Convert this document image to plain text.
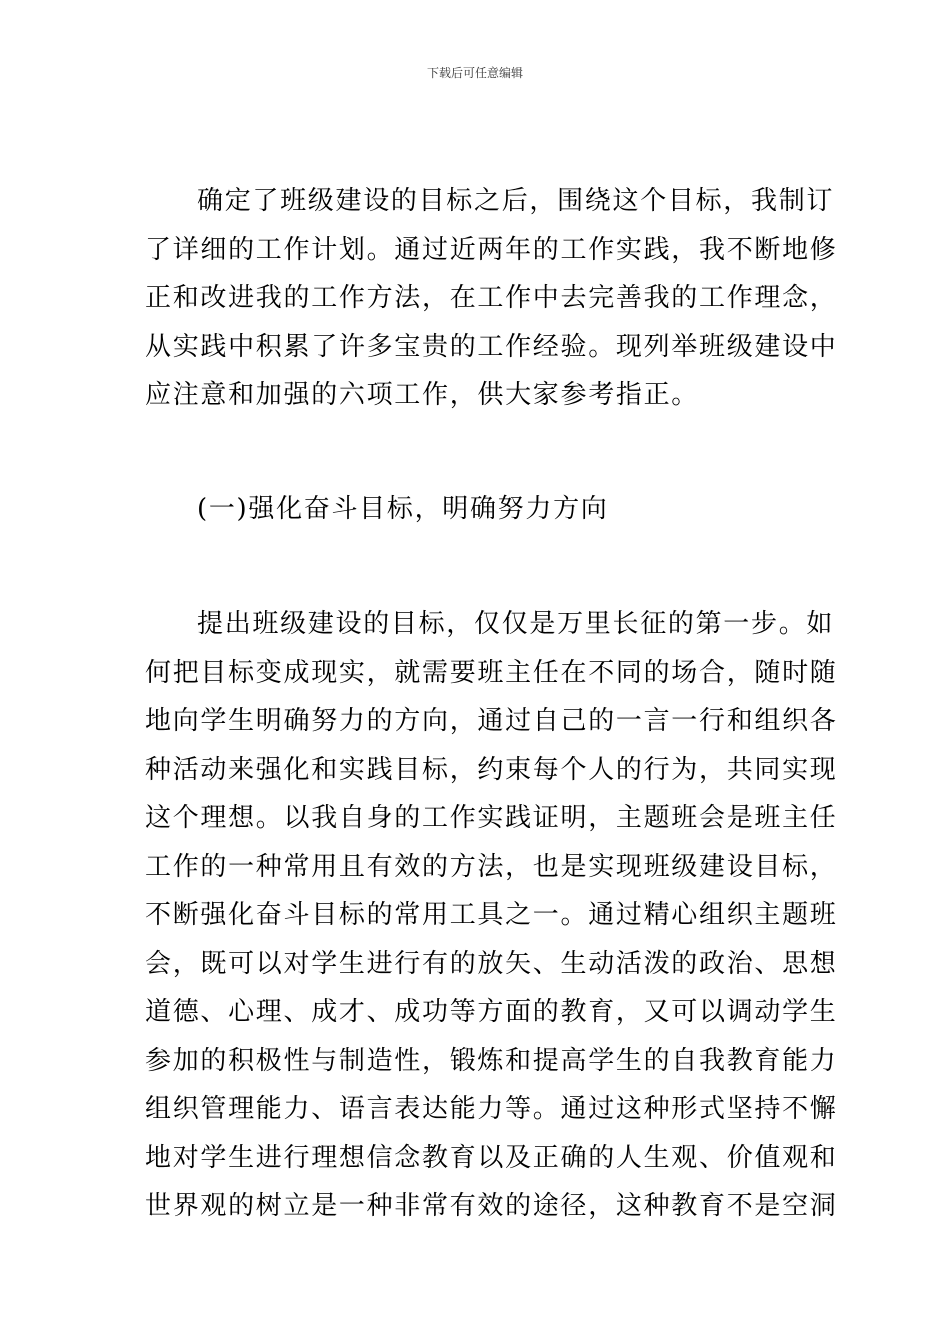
下载后可任意编辑

确定了班级建设的目标之后，围绕这个目标，我制订
了详细的工作计划。通过近两年的工作实践，我不断地修
正和改进我的工作方法，在工作中去完善我的工作理念，
从实践中积累了许多宝贵的工作经验。现列举班级建设中
应注意和加强的六项工作，供大家参考指正。

(一)强化奋斗目标，明确努力方向

提出班级建设的目标，仅仅是万里长征的第一步。如
何把目标变成现实，就需要班主任在不同的场合，随时随
地向学生明确努力的方向，通过自己的一言一行和组织各
种活动来强化和实践目标，约束每个人的行为，共同实现
这个理想。以我自身的工作实践证明，主题班会是班主任
工作的一种常用且有效的方法，也是实现班级建设目标，
不断强化奋斗目标的常用工具之一。通过精心组织主题班
会，既可以对学生进行有的放矢、生动活泼的政治、思想
道德、心理、成才、成功等方面的教育，又可以调动学生
参加的积极性与制造性，锻炼和提高学生的自我教育能力
组织管理能力、语言表达能力等。通过这种形式坚持不懈
地对学生进行理想信念教育以及正确的人生观、价值观和
世界观的树立是一种非常有效的途径，这种教育不是空洞
